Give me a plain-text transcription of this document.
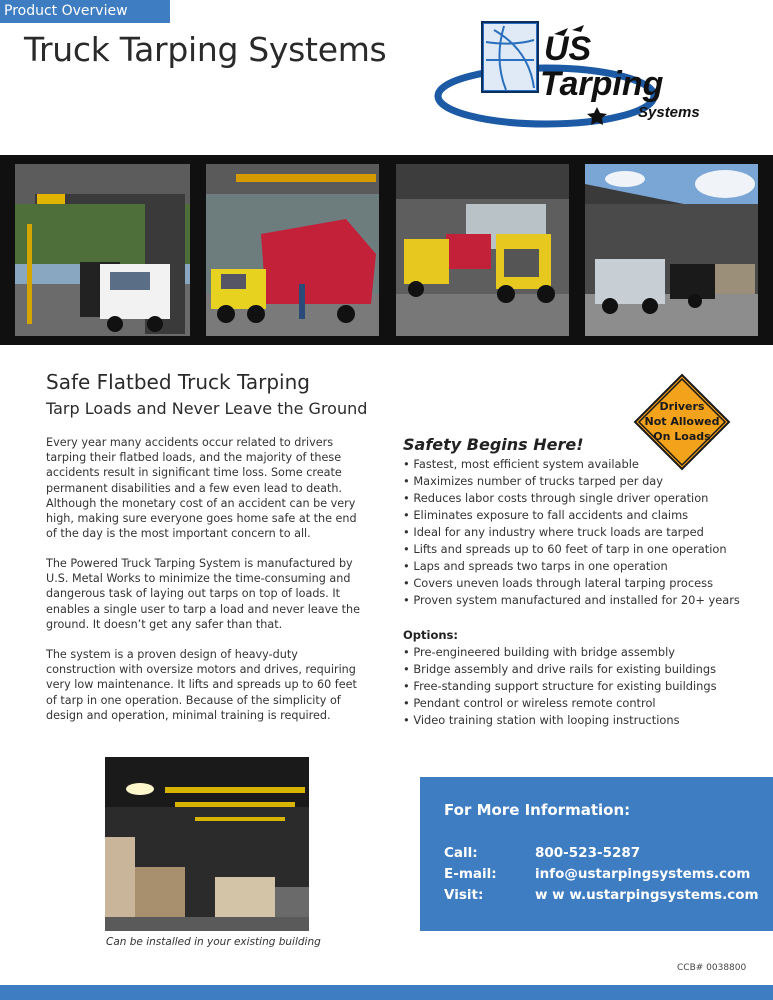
Product Overview
Truck Tarping Systems	US
Tarping
Systems
Safe Flatbed Truck Tarping
Tarp Loads and Never Leave the Ground

Every year many accidents occur related to drivers tarping their flatbed loads, and the majority of these accidents result in significant time loss. Some create permanent disabilities and a few even lead to death. Although the monetary cost of an accident can be very high, making sure everyone goes home safe at the end of the day is the most important concern to all.

The Powered Truck Tarping System is manufactured by U.S. Metal Works to minimize the time-consuming and dangerous task of laying out tarps on top of loads. It enables a single user to tarp a load and never leave the ground. It doesn’t get any safer than that.

The system is a proven design of heavy-duty construction with oversize motors and drives, requiring very low maintenance. It lifts and spreads up to 60 feet of tarp in one operation. Because of the simplicity of design and operation, minimal training is required.

Drivers
Not Allowed
On Loads
Safety Begins Here!
• Fastest, most efficient system available
• Maximizes number of trucks tarped per day
• Reduces labor costs through single driver operation
• Eliminates exposure to fall accidents and claims
• Ideal for any industry where truck loads are tarped
• Lifts and spreads up to 60 feet of tarp in one operation
• Laps and spreads two tarps in one operation
• Covers uneven loads through lateral tarping process
• Proven system manufactured and installed for 20+ years
Options:
• Pre-engineered building with bridge assembly
• Bridge assembly and drive rails for existing buildings
• Free-standing support structure for existing buildings
• Pendant control or wireless remote control
• Video training station with looping instructions
Can be installed in your existing building
For More Information:
Call:	800-523-5287
E-mail:	info@ustarpingsystems.com
Visit:	w w w.ustarpingsystems.com
CCB# 0038800
